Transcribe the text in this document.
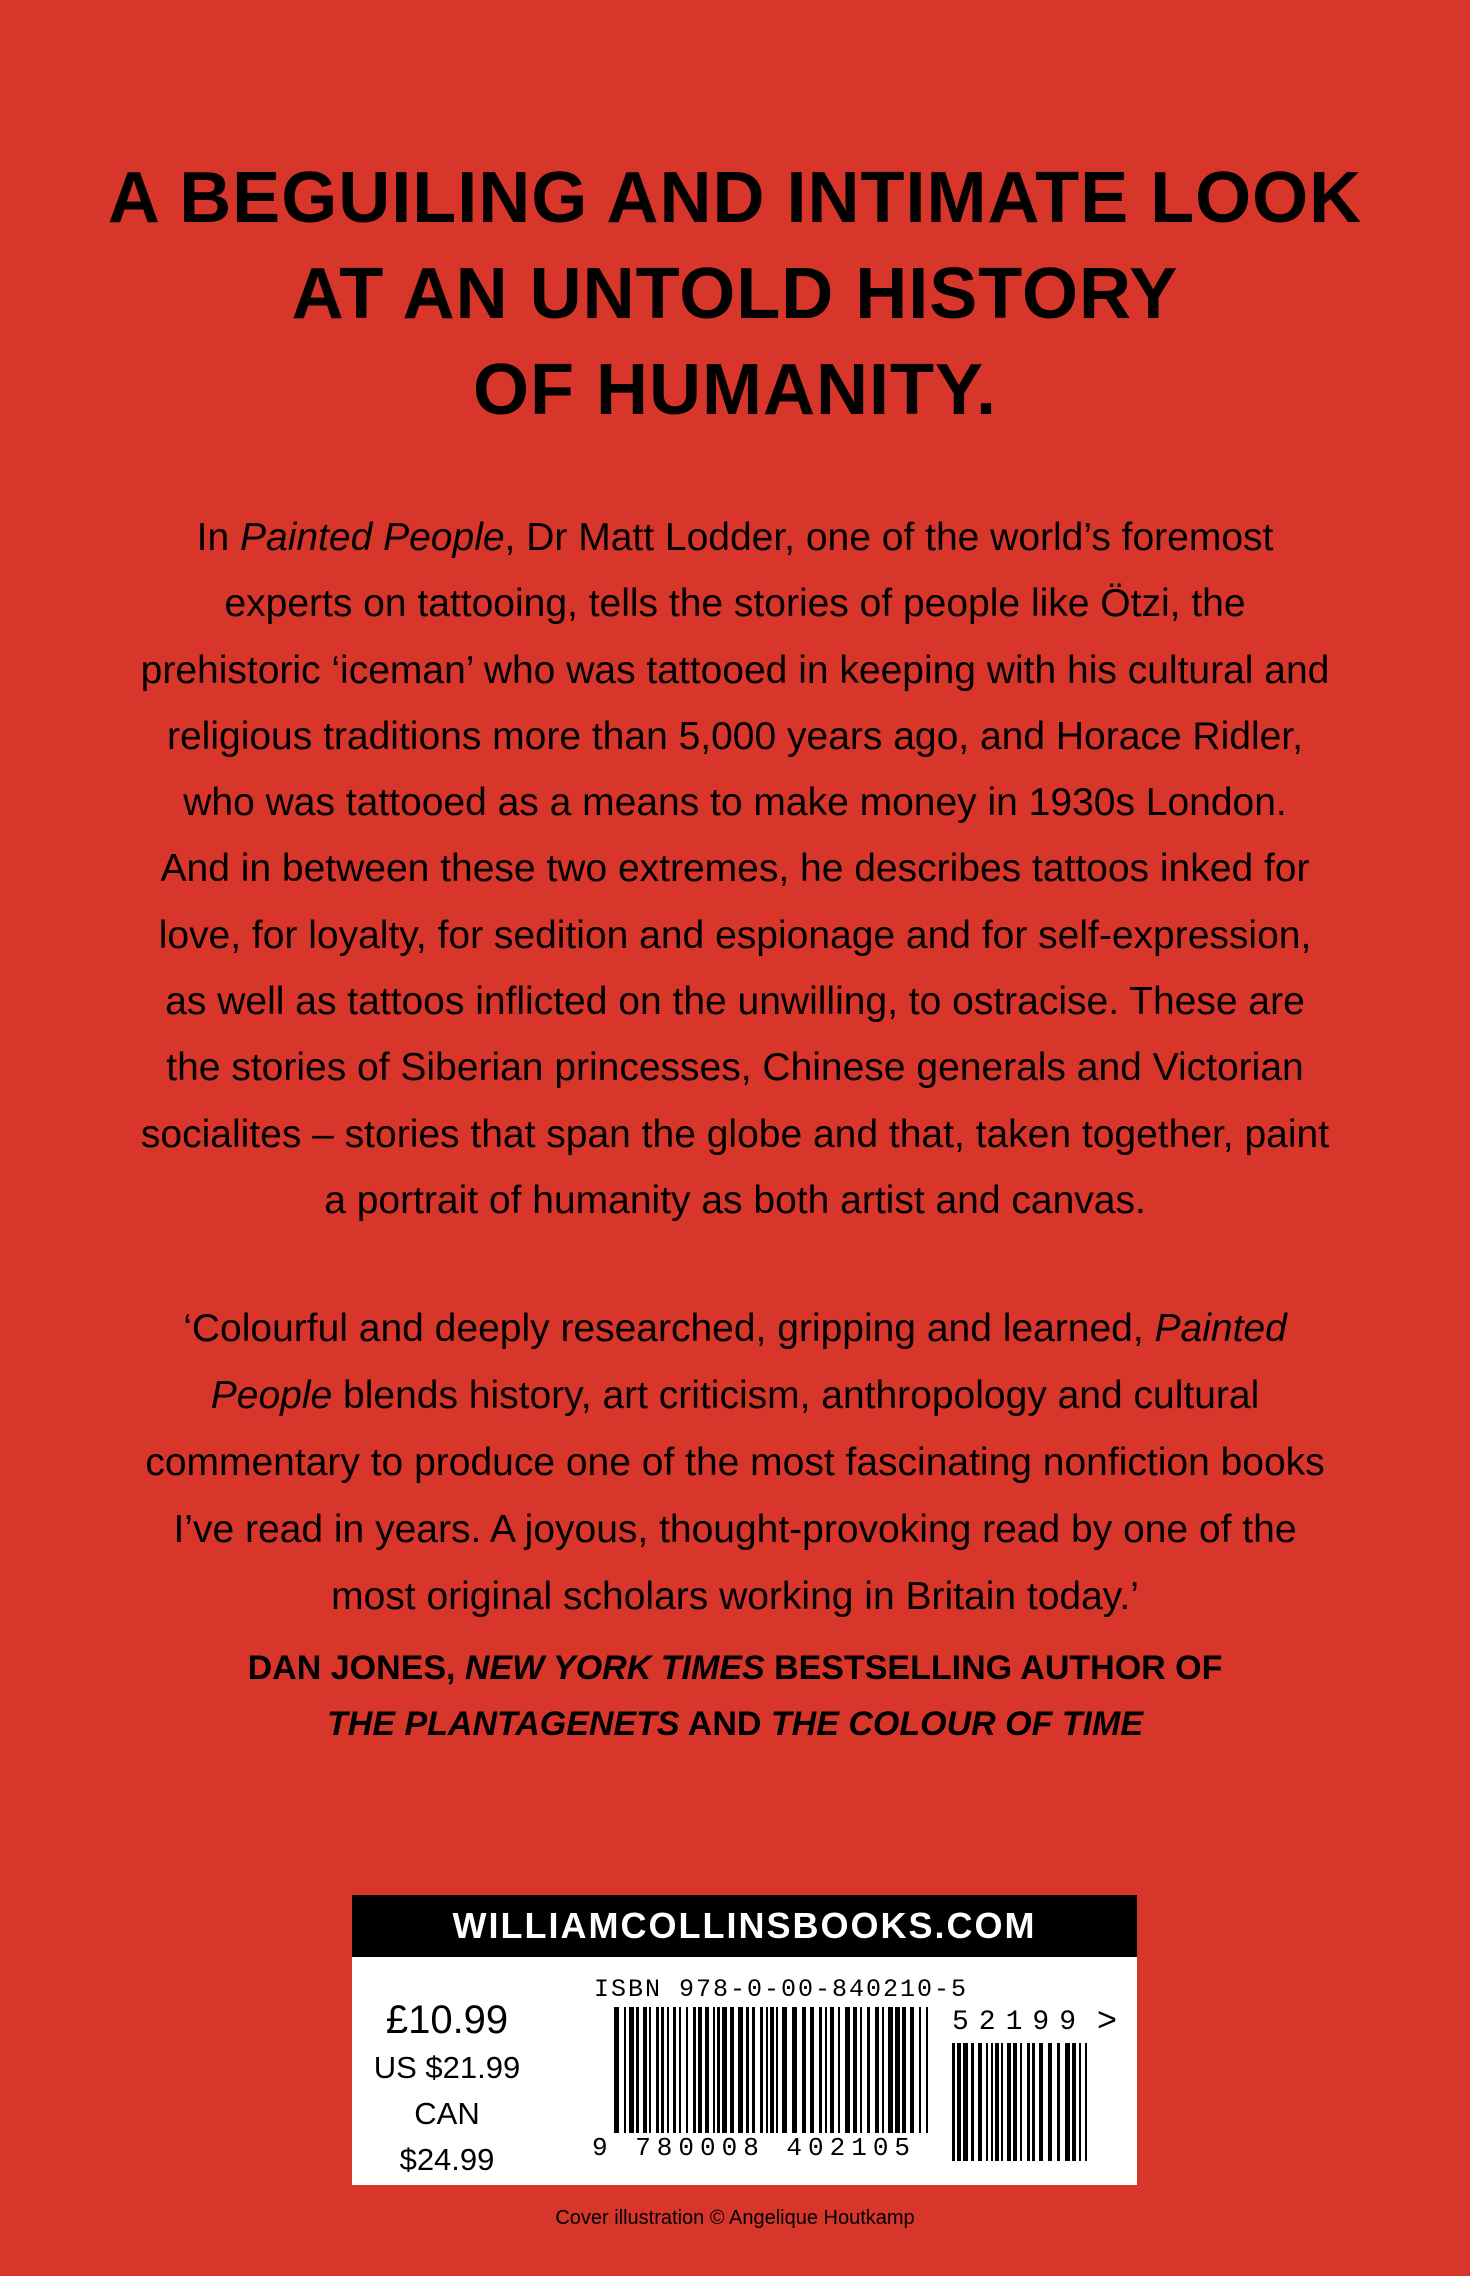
A BEGUILING AND INTIMATE LOOK
AT AN UNTOLD HISTORY
OF HUMANITY.
In Painted People, Dr Matt Lodder, one of the world’s foremost
experts on tattooing, tells the stories of people like Ötzi, the
prehistoric ‘iceman’ who was tattooed in keeping with his cultural and
religious traditions more than 5,000 years ago, and Horace Ridler,
who was tattooed as a means to make money in 1930s London.
And in between these two extremes, he describes tattoos inked for
love, for loyalty, for sedition and espionage and for self-expression,
as well as tattoos inflicted on the unwilling, to ostracise. These are
the stories of Siberian princesses, Chinese generals and Victorian
socialites – stories that span the globe and that, taken together, paint
a portrait of humanity as both artist and canvas.
‘Colourful and deeply researched, gripping and learned, Painted
People blends history, art criticism, anthropology and cultural
commentary to produce one of the most fascinating nonfiction books
I’ve read in years. A joyous, thought-provoking read by one of the
most original scholars working in Britain today.’
DAN JONES, NEW YORK TIMES BESTSELLING AUTHOR OF
THE PLANTAGENETS AND THE COLOUR OF TIME
WILLIAMCOLLINSBOOKS.COM
£10.99
US $21.99
CAN $24.99
ISBN 978-0-00-840210-5
9 780008 402105
52199 >
Cover illustration © Angelique Houtkamp
